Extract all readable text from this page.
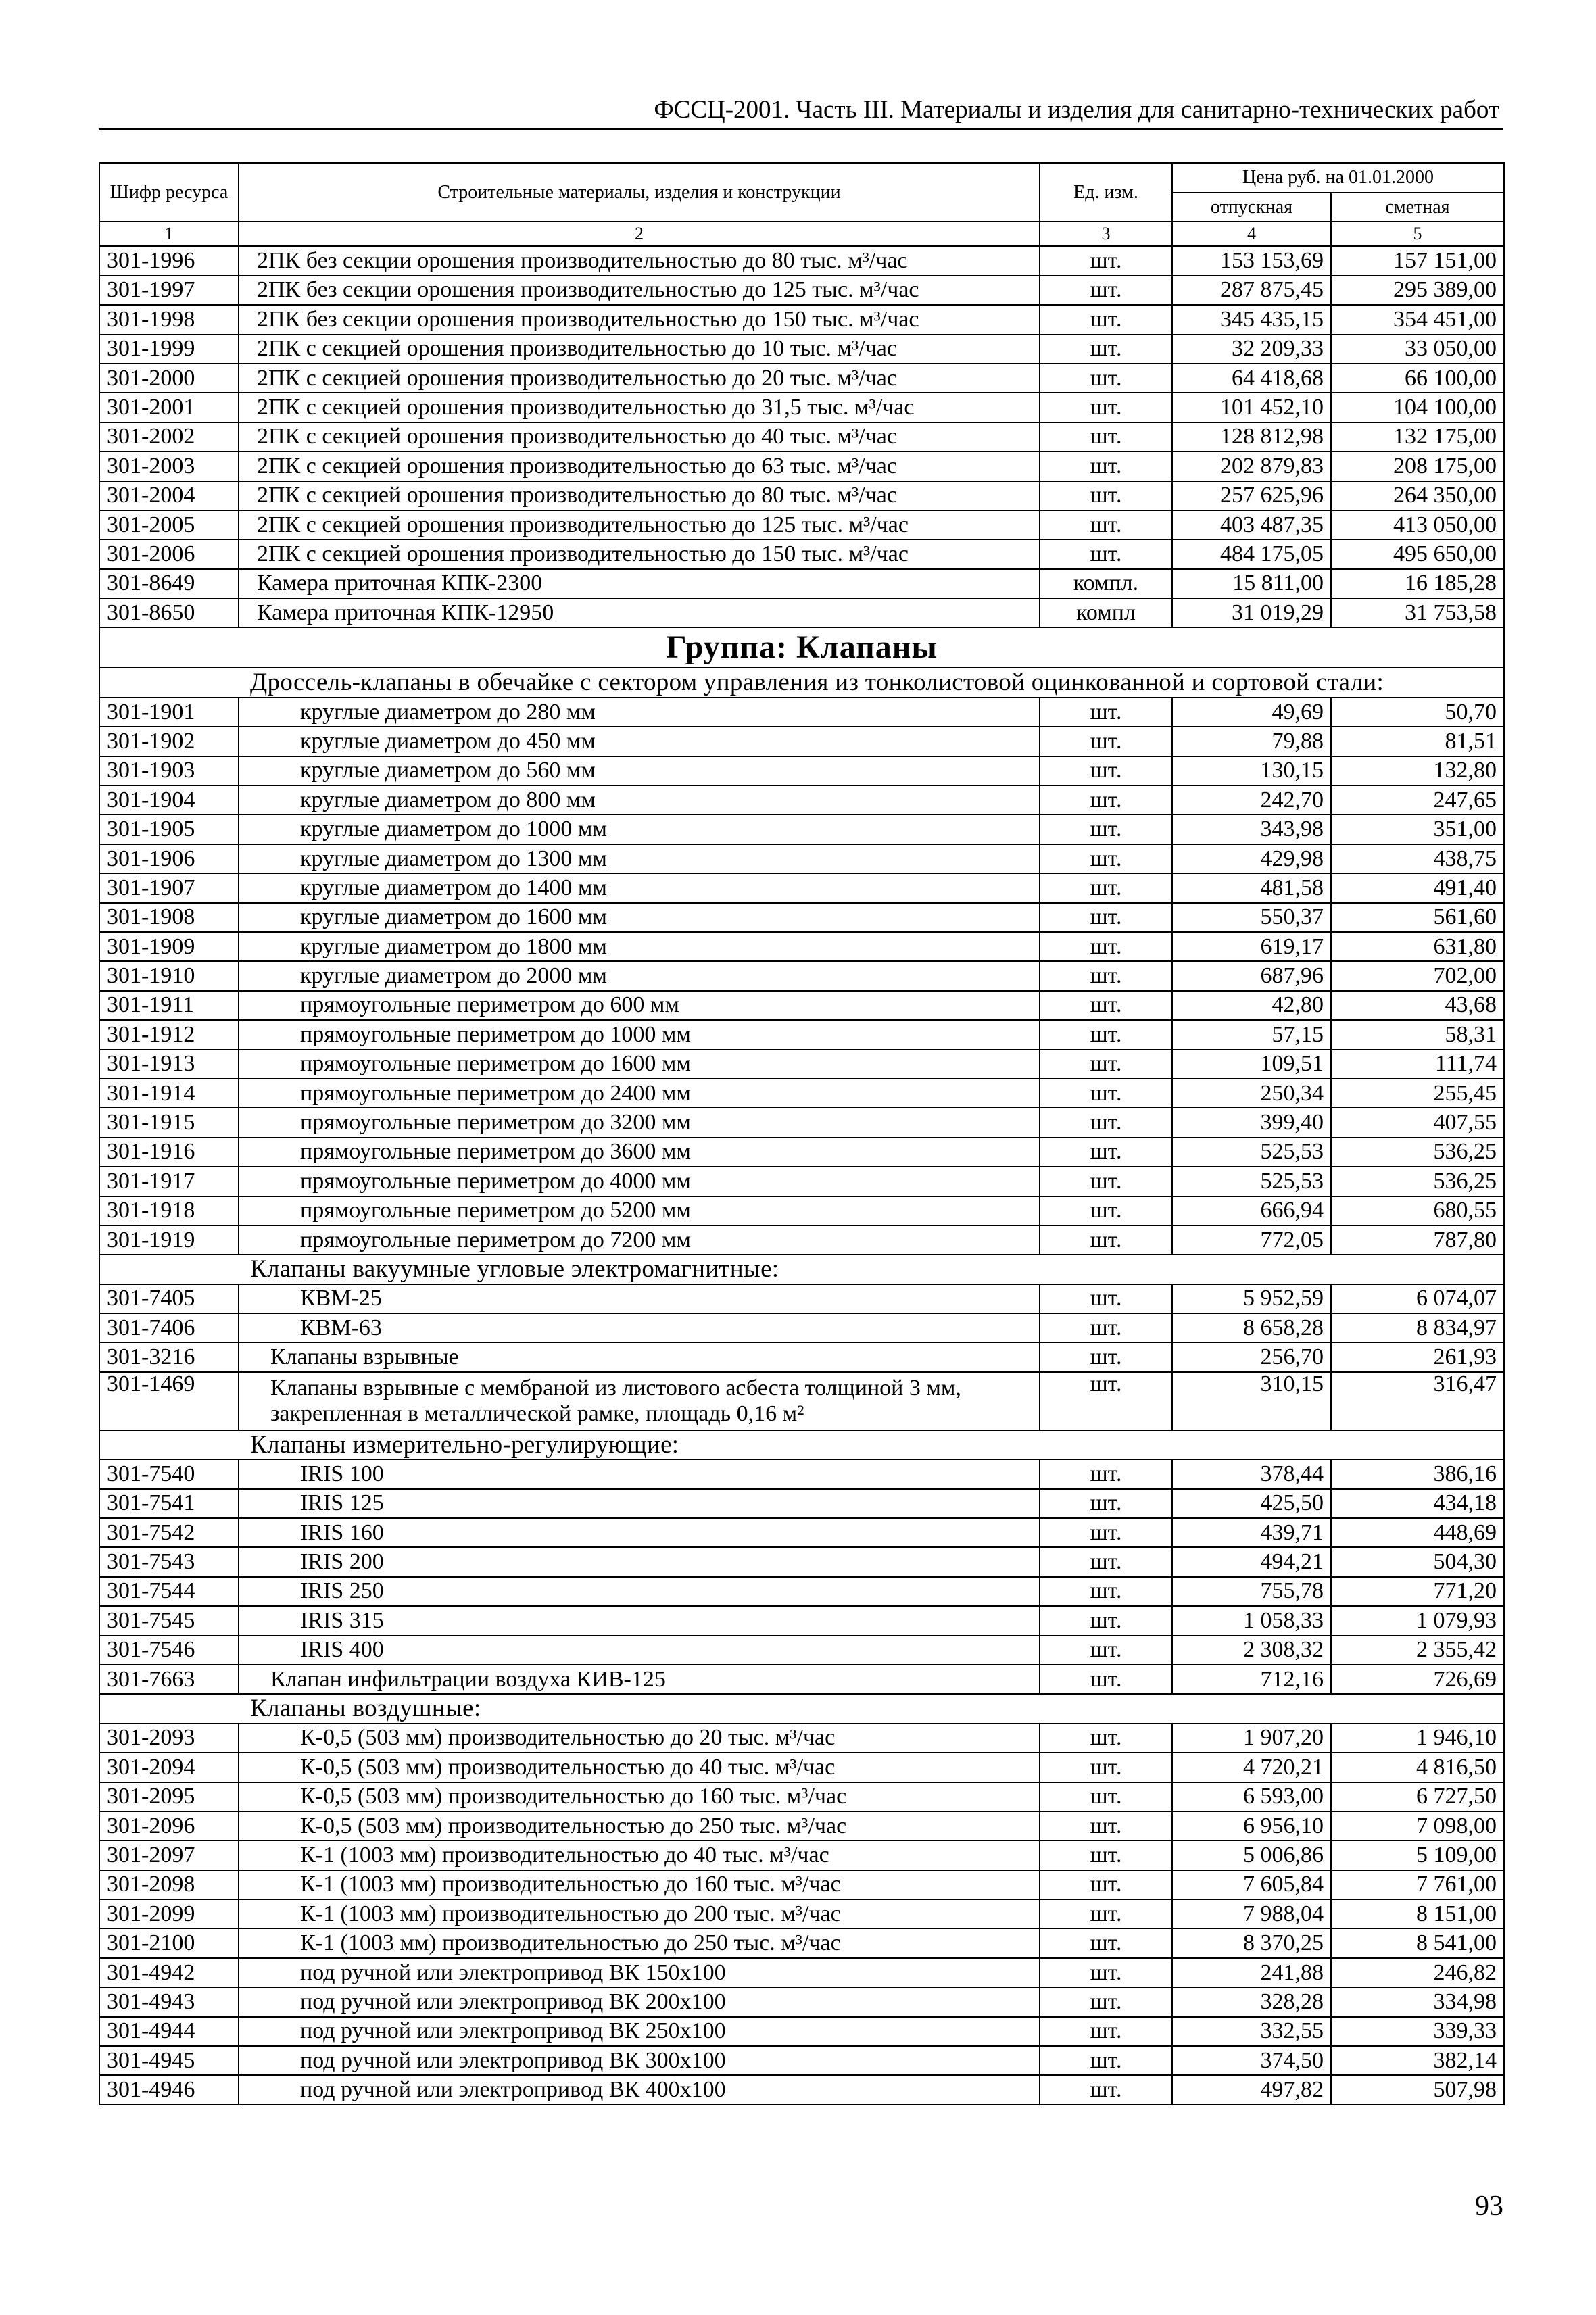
ФССЦ-2001. Часть III. Материалы и изделия для санитарно-технических работ
Шифр ресурса	Строительные материалы, изделия и конструкции	Ед. изм.	Цена руб. на 01.01.2000	
			отпускная	сметная
1	2	3	4	5
301-1996	2ПК без секции орошения производительностью до 80 тыс. м³/час	шт.	153 153,69	157 151,00
301-1997	2ПК без секции орошения производительностью до 125 тыс. м³/час	шт.	287 875,45	295 389,00
301-1998	2ПК без секции орошения производительностью до 150 тыс. м³/час	шт.	345 435,15	354 451,00
301-1999	2ПК с секцией орошения производительностью до 10 тыс. м³/час	шт.	32 209,33	33 050,00
301-2000	2ПК с секцией орошения производительностью до 20 тыс. м³/час	шт.	64 418,68	66 100,00
301-2001	2ПК с секцией орошения производительностью до 31,5 тыс. м³/час	шт.	101 452,10	104 100,00
301-2002	2ПК с секцией орошения производительностью до 40 тыс. м³/час	шт.	128 812,98	132 175,00
301-2003	2ПК с секцией орошения производительностью до 63 тыс. м³/час	шт.	202 879,83	208 175,00
301-2004	2ПК с секцией орошения производительностью до 80 тыс. м³/час	шт.	257 625,96	264 350,00
301-2005	2ПК с секцией орошения производительностью до 125 тыс. м³/час	шт.	403 487,35	413 050,00
301-2006	2ПК с секцией орошения производительностью до 150 тыс. м³/час	шт.	484 175,05	495 650,00
301-8649	Камера приточная КПК-2300	компл.	15 811,00	16 185,28
301-8650	Камера приточная КПК-12950	компл	31 019,29	31 753,58
Группа: Клапаны				
Дроссель-клапаны в обечайке с сектором управления из тонколистовой оцинкованной и сортовой стали:				
301-1901	круглые диаметром до 280 мм	шт.	49,69	50,70
301-1902	круглые диаметром до 450 мм	шт.	79,88	81,51
301-1903	круглые диаметром до 560 мм	шт.	130,15	132,80
301-1904	круглые диаметром до 800 мм	шт.	242,70	247,65
301-1905	круглые диаметром до 1000 мм	шт.	343,98	351,00
301-1906	круглые диаметром до 1300 мм	шт.	429,98	438,75
301-1907	круглые диаметром до 1400 мм	шт.	481,58	491,40
301-1908	круглые диаметром до 1600 мм	шт.	550,37	561,60
301-1909	круглые диаметром до 1800 мм	шт.	619,17	631,80
301-1910	круглые диаметром до 2000 мм	шт.	687,96	702,00
301-1911	прямоугольные периметром до 600 мм	шт.	42,80	43,68
301-1912	прямоугольные периметром до 1000 мм	шт.	57,15	58,31
301-1913	прямоугольные периметром до 1600 мм	шт.	109,51	111,74
301-1914	прямоугольные периметром до 2400 мм	шт.	250,34	255,45
301-1915	прямоугольные периметром до 3200 мм	шт.	399,40	407,55
301-1916	прямоугольные периметром до 3600 мм	шт.	525,53	536,25
301-1917	прямоугольные периметром до 4000 мм	шт.	525,53	536,25
301-1918	прямоугольные периметром до 5200 мм	шт.	666,94	680,55
301-1919	прямоугольные периметром до 7200 мм	шт.	772,05	787,80
Клапаны вакуумные угловые электромагнитные:				
301-7405	КВМ-25	шт.	5 952,59	6 074,07
301-7406	КВМ-63	шт.	8 658,28	8 834,97
301-3216	Клапаны взрывные	шт.	256,70	261,93
301-1469	Клапаны взрывные с мембраной из листового асбеста толщиной 3 мм, закрепленная в металлической рамке, площадь 0,16 м²	шт.	310,15	316,47
Клапаны измерительно-регулирующие:				
301-7540	IRIS 100	шт.	378,44	386,16
301-7541	IRIS 125	шт.	425,50	434,18
301-7542	IRIS 160	шт.	439,71	448,69
301-7543	IRIS 200	шт.	494,21	504,30
301-7544	IRIS 250	шт.	755,78	771,20
301-7545	IRIS 315	шт.	1 058,33	1 079,93
301-7546	IRIS 400	шт.	2 308,32	2 355,42
301-7663	Клапан инфильтрации воздуха КИВ-125	шт.	712,16	726,69
Клапаны воздушные:				
301-2093	К-0,5 (503 мм) производительностью до 20 тыс. м³/час	шт.	1 907,20	1 946,10
301-2094	К-0,5 (503 мм) производительностью до 40 тыс. м³/час	шт.	4 720,21	4 816,50
301-2095	К-0,5 (503 мм) производительностью до 160 тыс. м³/час	шт.	6 593,00	6 727,50
301-2096	К-0,5 (503 мм) производительностью до 250 тыс. м³/час	шт.	6 956,10	7 098,00
301-2097	К-1 (1003 мм) производительностью до 40 тыс. м³/час	шт.	5 006,86	5 109,00
301-2098	К-1 (1003 мм) производительностью до 160 тыс. м³/час	шт.	7 605,84	7 761,00
301-2099	К-1 (1003 мм) производительностью до 200 тыс. м³/час	шт.	7 988,04	8 151,00
301-2100	К-1 (1003 мм) производительностью до 250 тыс. м³/час	шт.	8 370,25	8 541,00
301-4942	под ручной или электропривод ВК 150х100	шт.	241,88	246,82
301-4943	под ручной или электропривод ВК 200х100	шт.	328,28	334,98
301-4944	под ручной или электропривод ВК 250х100	шт.	332,55	339,33
301-4945	под ручной или электропривод ВК 300х100	шт.	374,50	382,14
301-4946	под ручной или электропривод ВК 400х100	шт.	497,82	507,98
93
